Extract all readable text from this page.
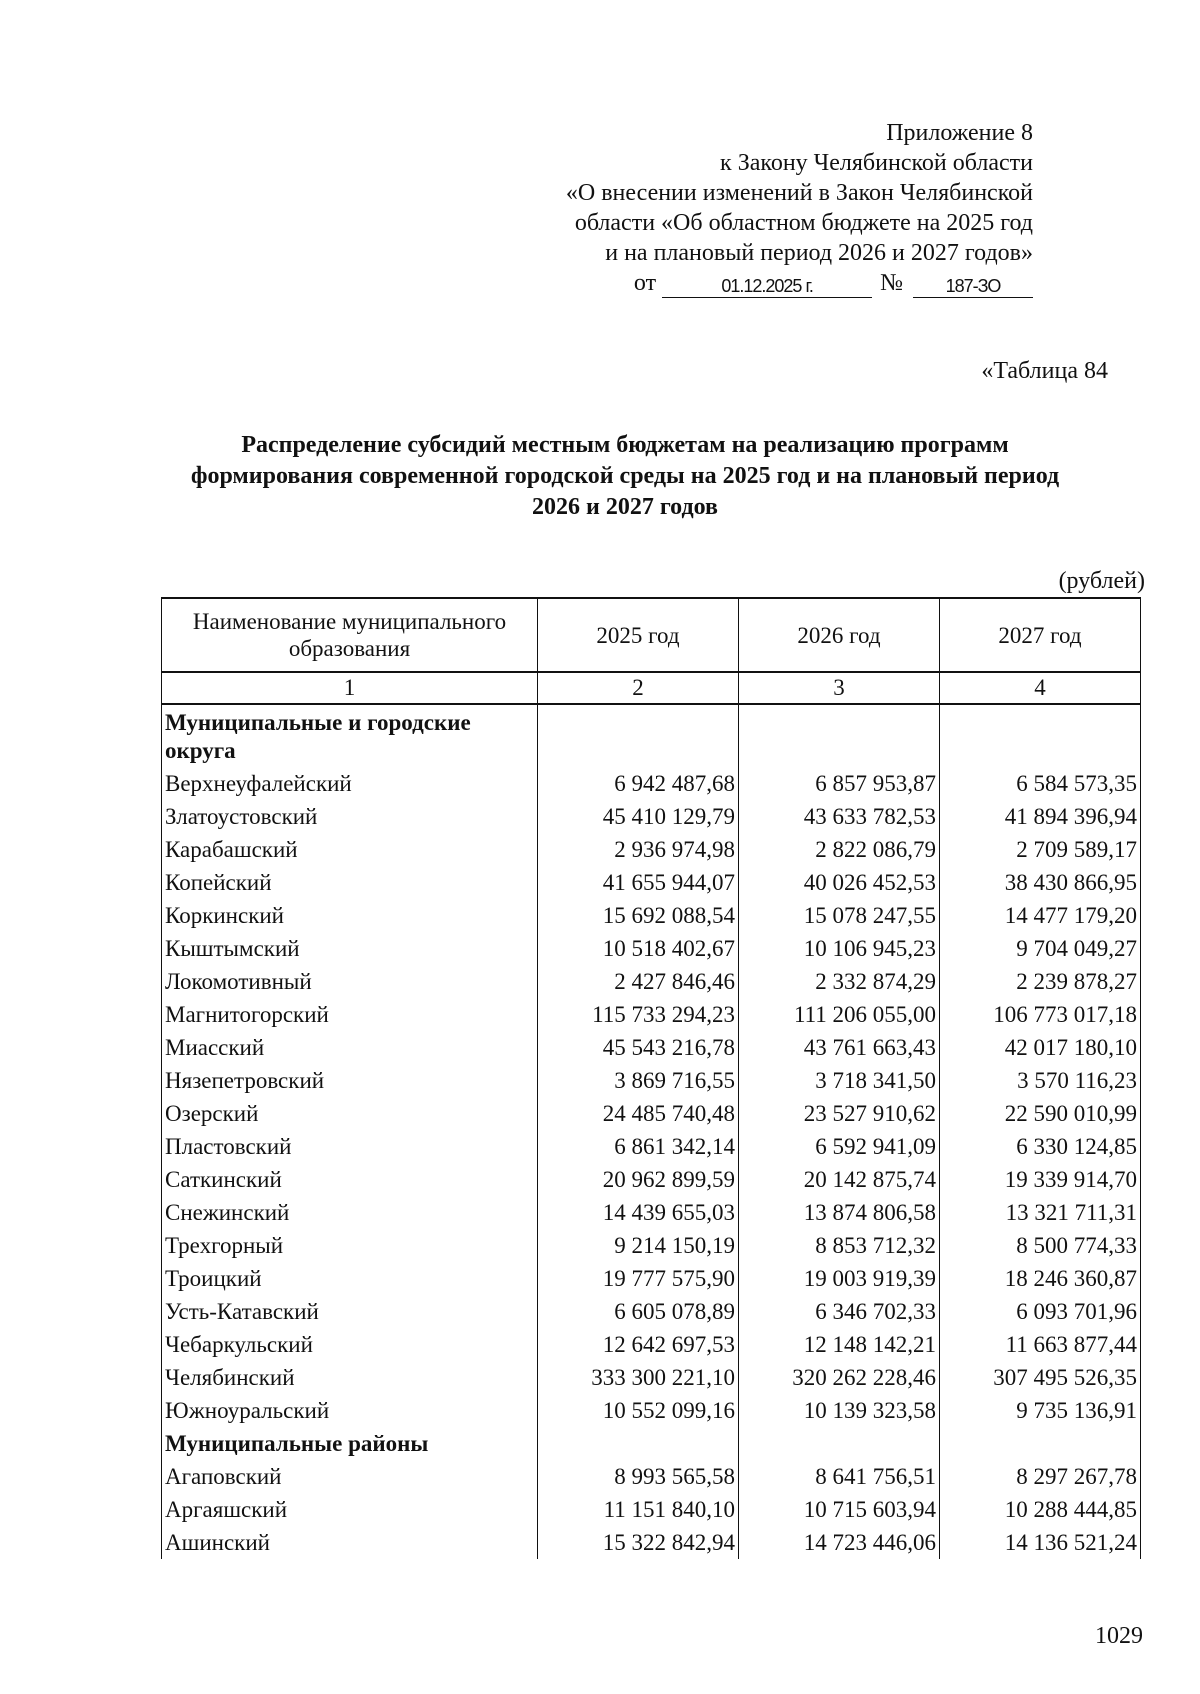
Приложение 8
к Закону Челябинской области
«О внесении изменений в Закон Челябинской
области «Об областном бюджете на 2025 год
и на плановый период 2026 и 2027 годов»
от	01.12.2025 г.	№	187-ЗО
«Таблица 84
Распределение субсидий местным бюджетам на реализацию программ
формирования современной городской среды на 2025 год и на плановый период
2026 и 2027 годов
(рублей)
Наименование муниципального образования	2025 год	2026 год	2027 год
1	2	3	4
Муниципальные и городские округа			
Верхнеуфалейский	6 942 487,68	6 857 953,87	6 584 573,35
Златоустовский	45 410 129,79	43 633 782,53	41 894 396,94
Карабашский	2 936 974,98	2 822 086,79	2 709 589,17
Копейский	41 655 944,07	40 026 452,53	38 430 866,95
Коркинский	15 692 088,54	15 078 247,55	14 477 179,20
Кыштымский	10 518 402,67	10 106 945,23	9 704 049,27
Локомотивный	2 427 846,46	2 332 874,29	2 239 878,27
Магнитогорский	115 733 294,23	111 206 055,00	106 773 017,18
Миасский	45 543 216,78	43 761 663,43	42 017 180,10
Нязепетровский	3 869 716,55	3 718 341,50	3 570 116,23
Озерский	24 485 740,48	23 527 910,62	22 590 010,99
Пластовский	6 861 342,14	6 592 941,09	6 330 124,85
Саткинский	20 962 899,59	20 142 875,74	19 339 914,70
Снежинский	14 439 655,03	13 874 806,58	13 321 711,31
Трехгорный	9 214 150,19	8 853 712,32	8 500 774,33
Троицкий	19 777 575,90	19 003 919,39	18 246 360,87
Усть-Катавский	6 605 078,89	6 346 702,33	6 093 701,96
Чебаркульский	12 642 697,53	12 148 142,21	11 663 877,44
Челябинский	333 300 221,10	320 262 228,46	307 495 526,35
Южноуральский	10 552 099,16	10 139 323,58	9 735 136,91
Муниципальные районы			
Агаповский	8 993 565,58	8 641 756,51	8 297 267,78
Аргаяшский	11 151 840,10	10 715 603,94	10 288 444,85
Ашинский	15 322 842,94	14 723 446,06	14 136 521,24
1029
